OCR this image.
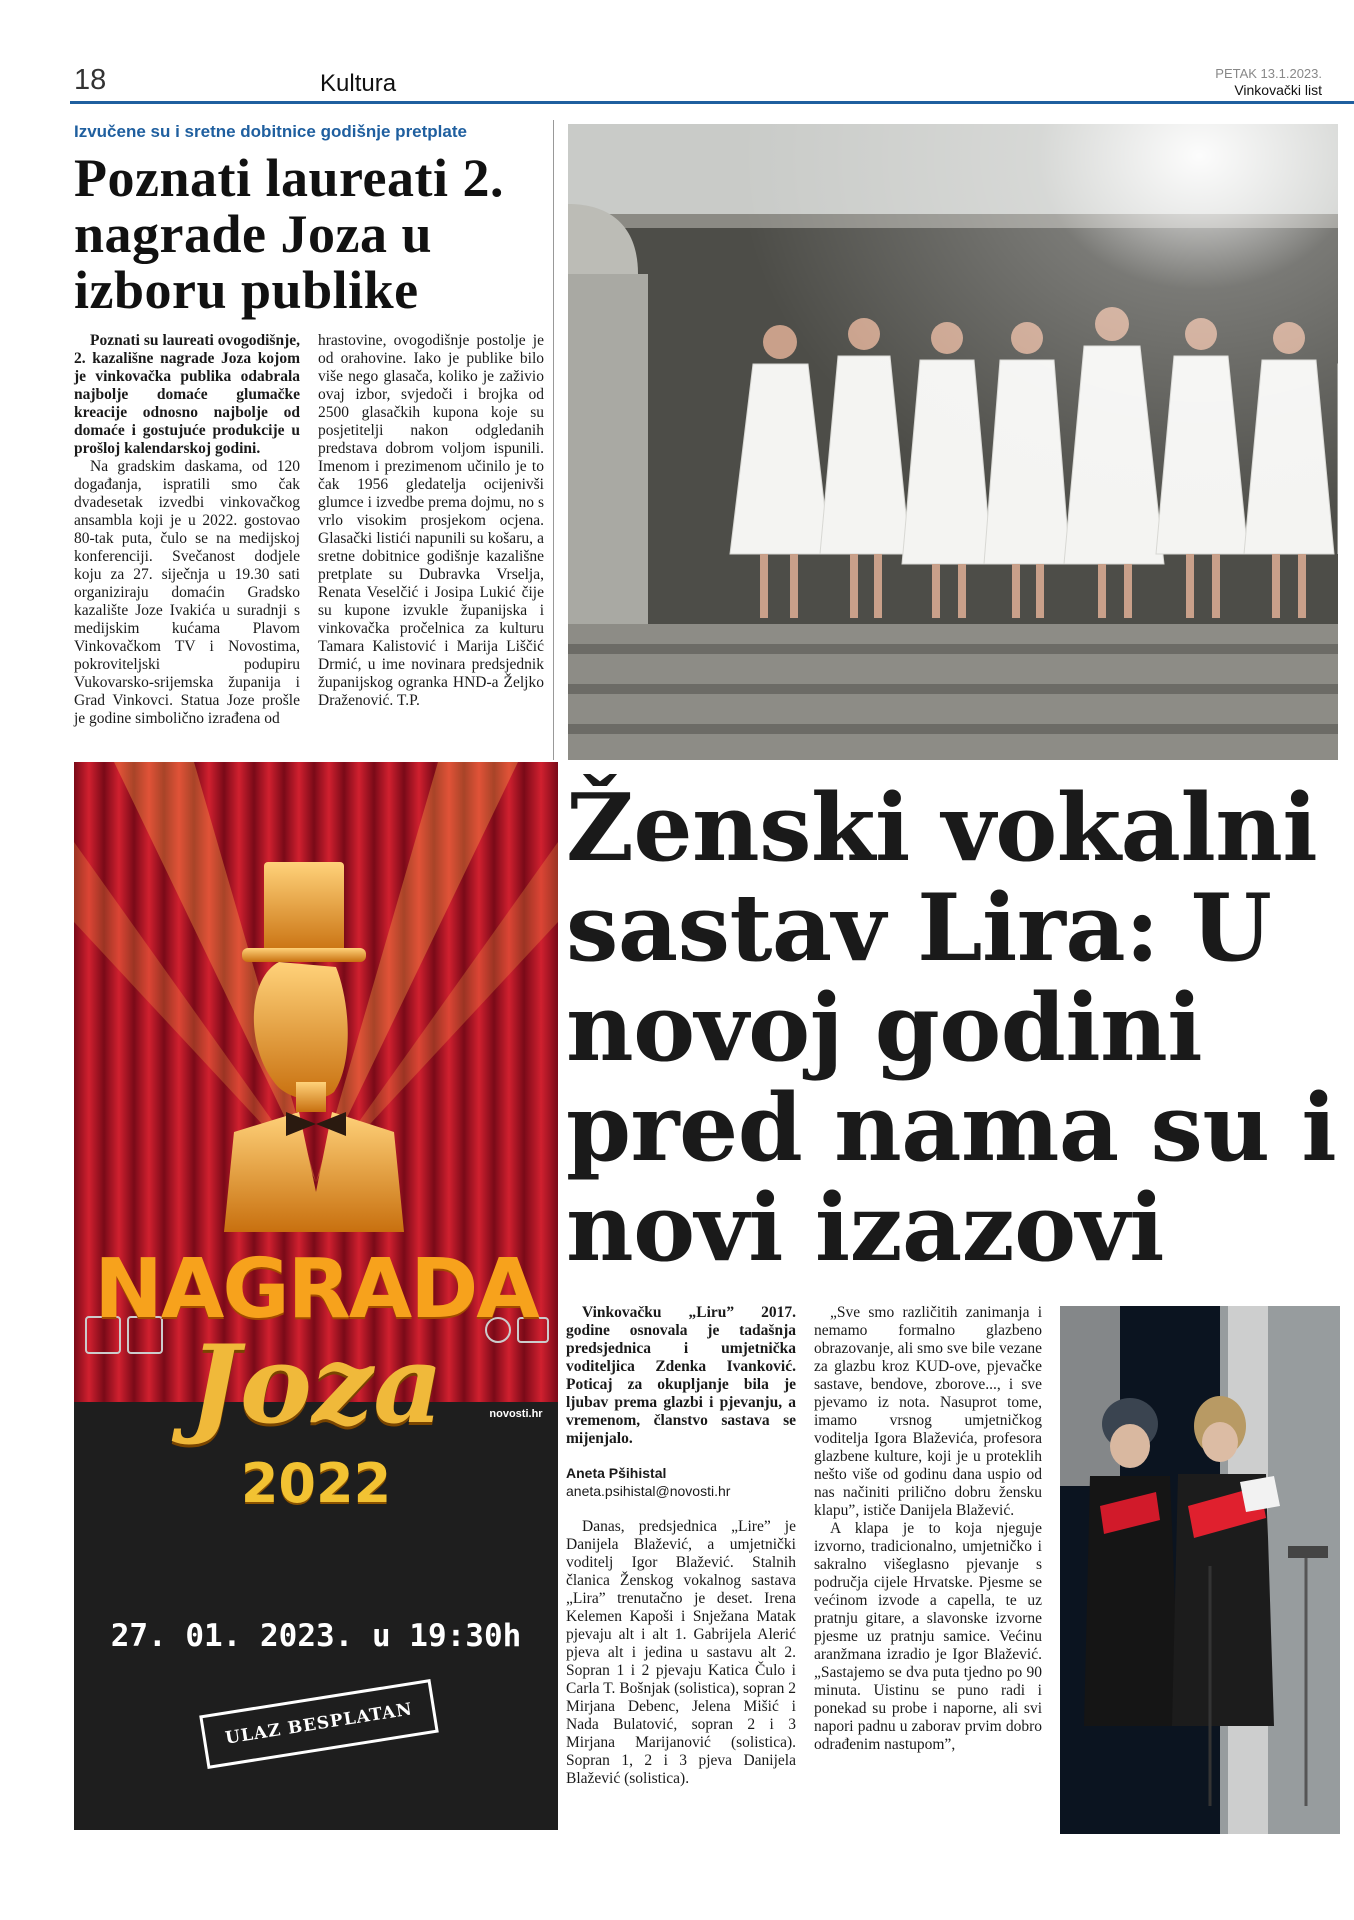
18	Kultura	PETAK 13.1.2023.
Vinkovački list
Izvučene su i sretne dobitnice godišnje pretplate
Poznati laureati 2. nagrade Joza u izboru publike
Poznati su laureati ovogodišnje, 2. kazališne nagrade Joza kojom je vinkovačka publika odabrala najbolje domaće glumačke kreacije odnosno najbolje od domaće i gostujuće produkcije u prošloj kalendarskoj godini.
Na gradskim daskama, od 120 događanja, ispratili smo čak dvadesetak izvedbi vinkovačkog ansambla koji je u 2022. gostovao 80-tak puta, čulo se na medijskoj konferenciji. Svečanost dodjele koju za 27. siječnja u 19.30 sati organiziraju domaćin Gradsko kazalište Joze Ivakića u suradnji s medijskim kućama Plavom Vinkovačkom TV i Novostima, pokroviteljski podupiru Vukovarsko-srijemska županija i Grad Vinkovci. Statua Joze prošle je godine simbolično izrađena od
hrastovine, ovogodišnje postolje je od orahovine. Iako je publike bilo više nego glasača, koliko je zaživio ovaj izbor, svjedoči i brojka od 2500 glasačkih kupona koje su posjetitelji nakon odgledanih predstava dobrom voljom ispunili. Imenom i prezimenom učinilo je to čak 1956 gledatelja ocijenivši glumce i izvedbe prema dojmu, no s vrlo visokim prosjekom ocjena. Glasački listići napunili su košaru, a sretne dobitnice godišnje kazališne pretplate su Dubravka Vrselja, Renata Veselčić i Josipa Lukić čije su kupone izvukle županijska i vinkovačka pročelnica za kulturu Tamara Kalistović i Marija Liščić Drmić, u ime novinara predsjednik županijskog ogranka HND-a Željko Draženović. T.P.
NAGRADA
Joza
2022
novosti.hr
27. 01. 2023. u 19:30h
ULAZ BESPLATAN
Ženski vokalni sastav Lira: U novoj godini pred nama su i novi izazovi
Vinkovačku „Liru” 2017. godine osnovala je tadašnja predsjednica i umjetnička voditeljica Zdenka Ivanković. Poticaj za okupljanje bila je ljubav prema glazbi i pjevanju, a vremenom, članstvo sastava se mijenjalo.
Aneta Pšihistal
aneta.psihistal@novosti.hr
Danas, predsjednica „Lire” je Danijela Blažević, a umjetnički voditelj Igor Blažević. Stalnih članica Ženskog vokalnog sastava „Lira” trenutačno je deset. Irena Kelemen Kapoši i Snježana Matak pjevaju alt i alt 1. Gabrijela Alerić pjeva alt i jedina u sastavu alt 2. Sopran 1 i 2 pjevaju Katica Čulo i Carla T. Bošnjak (solistica), sopran 2 Mirjana Debenc, Jelena Mišić i Nada Bulatović, sopran 2 i 3 Mirjana Marijanović (solistica). Sopran 1, 2 i 3 pjeva Danijela Blažević (solistica).
„Sve smo različitih zanimanja i nemamo formalno glazbeno obrazovanje, ali smo sve bile vezane za glazbu kroz KUD-ove, pjevačke sastave, bendove, zborove..., i sve pjevamo iz nota. Nasuprot tome, imamo vrsnog umjetničkog voditelja Igora Blaževića, profesora glazbene kulture, koji je u proteklih nešto više od godinu dana uspio od nas načiniti prilično dobru žensku klapu”, ističe Danijela Blažević.
A klapa je to koja njeguje izvorno, tradicionalno, umjetničko i sakralno višeglasno pjevanje s područja cijele Hrvatske. Pjesme se većinom izvode a capella, te uz pratnju gitare, a slavonske izvorne pjesme uz pratnju samice. Većinu aranžmana izradio je Igor Blažević. „Sastajemo se dva puta tjedno po 90 minuta. Uistinu se puno radi i ponekad su probe i naporne, ali svi napori padnu u zaborav prvim dobro odrađenim nastupom”,
